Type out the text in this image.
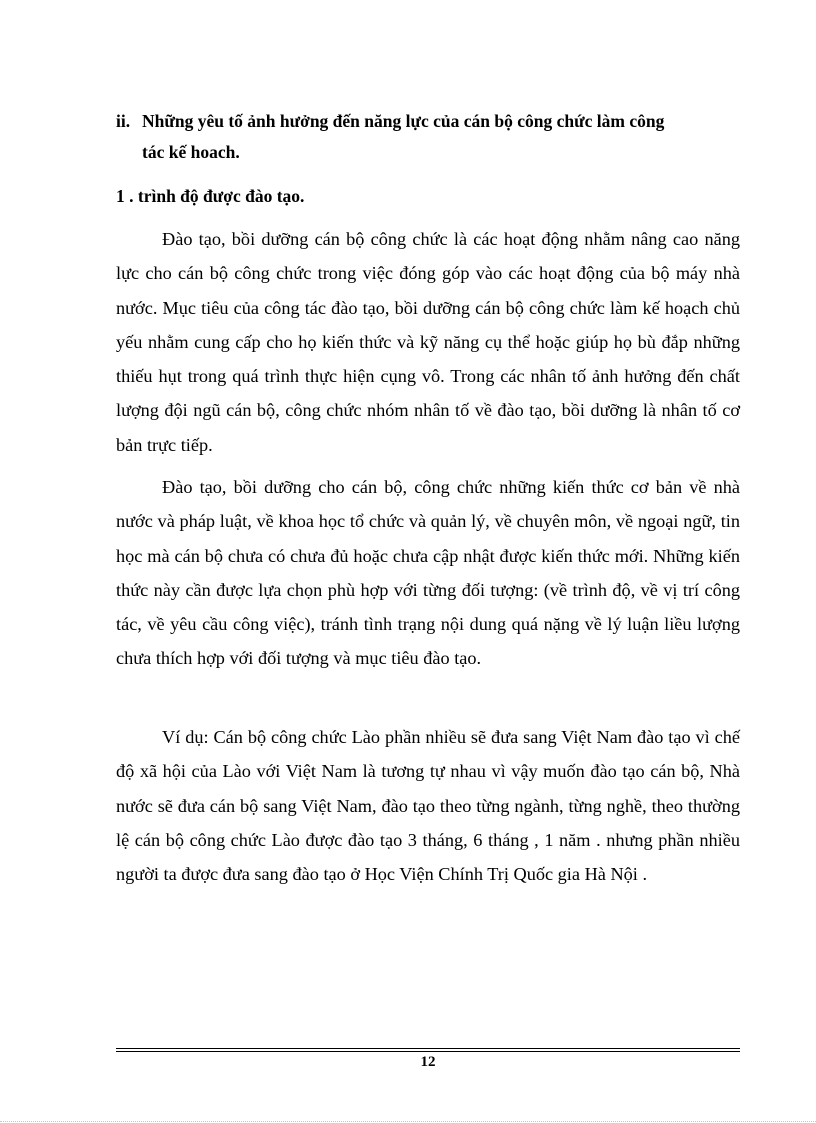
ii. Những yêu tố ảnh hưởng đến năng lực của cán bộ công chức làm công
tác kế hoach.
1 . trình độ được đào tạo.

Đào tạo, bồi dưỡng cán bộ công chức là các hoạt động nhằm nâng cao năng lực cho cán bộ công chức trong việc đóng góp vào các hoạt động của bộ máy nhà nước. Mục tiêu của công tác đào tạo, bồi dưỡng cán bộ công chức làm kế hoạch chủ yếu nhằm cung cấp cho họ kiến thức và kỹ năng cụ thể hoặc giúp họ bù đắp những thiếu hụt trong quá trình thực hiện cụng vô. Trong các nhân tố ảnh hưởng đến chất lượng đội ngũ cán bộ, công chức nhóm nhân tố về đào tạo, bồi dưỡng là nhân tố cơ bản trực tiếp.

Đào tạo, bồi dưỡng cho cán bộ, công chức những kiến thức cơ bản về nhà nước và pháp luật, về khoa học tổ chức và quản lý, về chuyên môn, về ngoại ngữ, tin học mà cán bộ chưa có chưa đủ hoặc chưa cập nhật được kiến thức mới. Những kiến thức này cần được lựa chọn phù hợp với từng đối tượng: (về trình độ, về vị trí công tác, về yêu cầu công việc), tránh tình trạng nội dung quá nặng về lý luận liều lượng chưa thích hợp với đối tượng và mục tiêu đào tạo.

Ví dụ: Cán bộ công chức Lào phần nhiều sẽ đưa sang Việt Nam đào tạo vì chế độ xã hội của Lào với Việt Nam là tương tự nhau vì vậy muốn đào tạo cán bộ, Nhà nước sẽ đưa cán bộ sang Việt Nam, đào tạo theo từng ngành, từng nghề, theo thường lệ cán bộ công chức Lào được đào tạo 3 tháng, 6 tháng , 1 năm . nhưng phần nhiều người ta được đưa sang đào tạo ở Học Viện Chính Trị Quốc gia Hà Nội .

12
